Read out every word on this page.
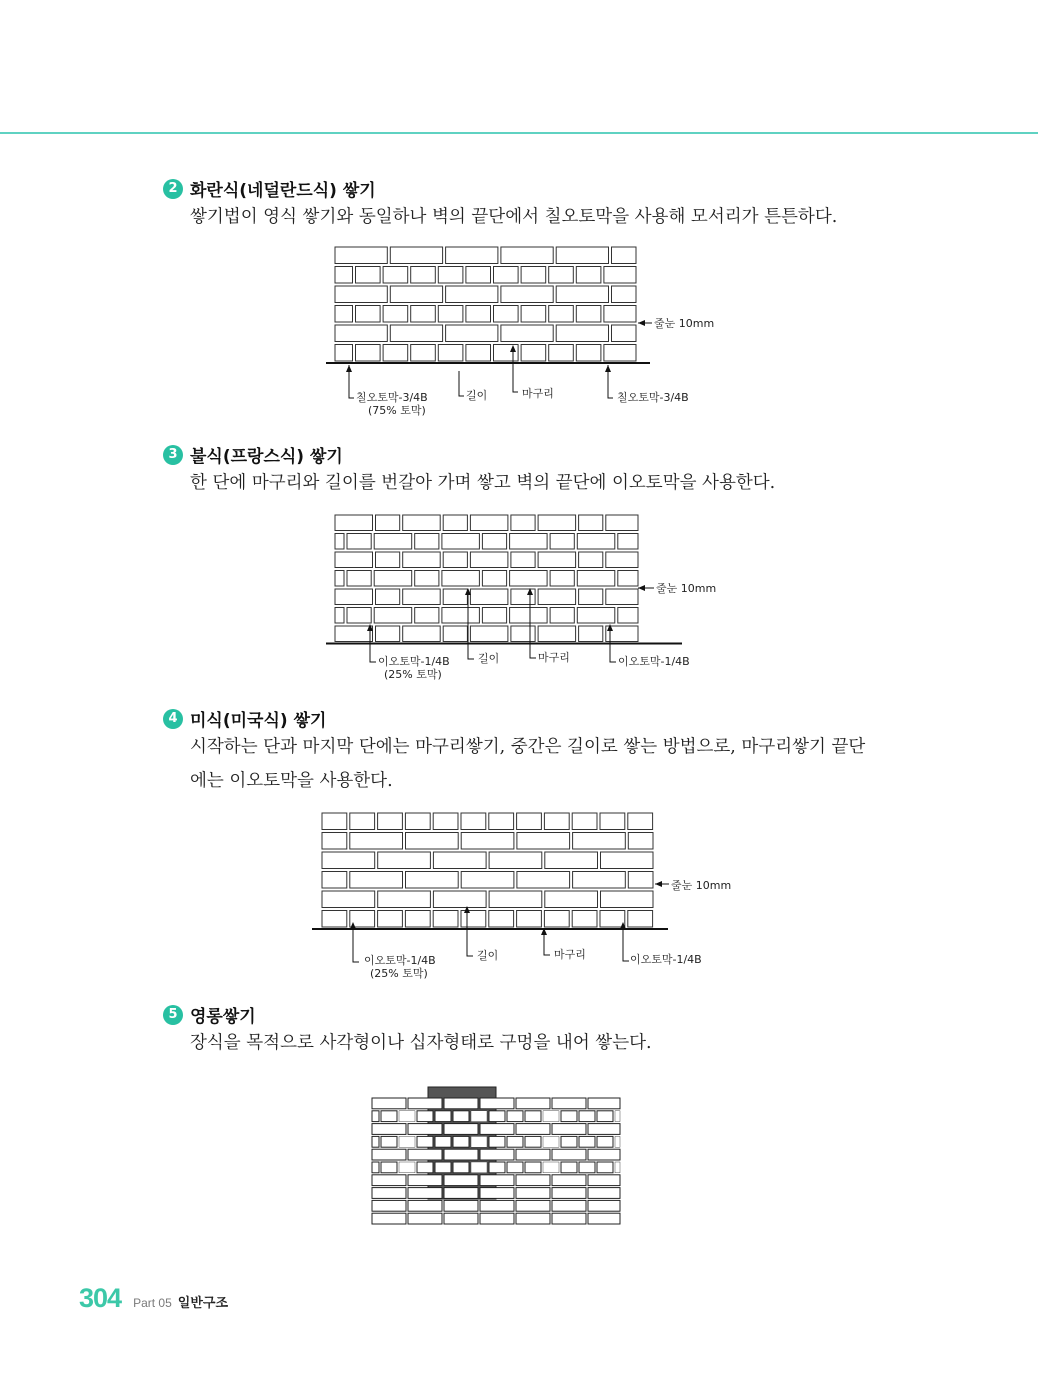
2 화란식(네덜란드식) 쌓기
쌓기법이 영식 쌓기와 동일하나 벽의 끝단에서 칠오토막을 사용해 모서리가 튼튼하다.
줄눈 10mm
칠오토막-3/4B
(75% 토막)
길이	마구리	칠오토막-3/4B
3 불식(프랑스식) 쌓기
한 단에 마구리와 길이를 번갈아 가며 쌓고 벽의 끝단에 이오토막을 사용한다.
줄눈 10mm
이오토막-1/4B
(25% 토막)
길이	마구리	이오토막-1/4B
4 미식(미국식) 쌓기
시작하는 단과 마지막 단에는 마구리쌓기, 중간은 길이로 쌓는 방법으로, 마구리쌓기 끝단
에는 이오토막을 사용한다.
줄눈 10mm
이오토막-1/4B
(25% 토막)
길이	마구리	이오토막-1/4B
5 영롱쌓기
장식을 목적으로 사각형이나 십자형태로 구멍을 내어 쌓는다.
304 Part 05 일반구조
